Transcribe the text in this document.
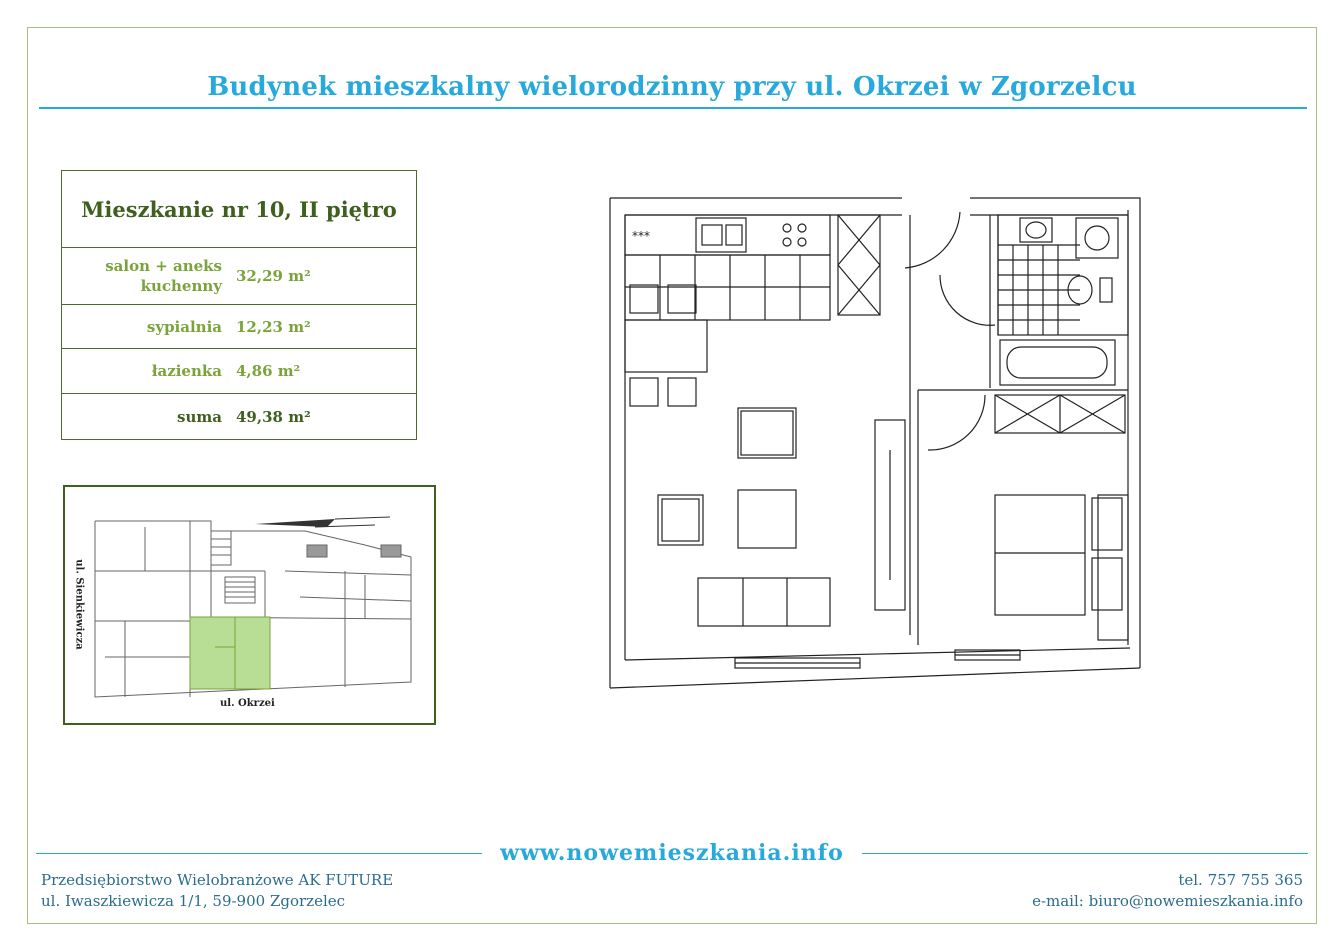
Budynek mieszkalny wielorodzinny przy ul. Okrzei w Zgorzelcu
Mieszkanie nr 10, II piętro	
salon + aneks
kuchenny	32,29 m²
sypialnia	12,23 m²
łazienka	4,86 m²
suma	49,38 m²
ul. Sienkiewicza
ul. Okrzei
***
www.nowemieszkania.info
Przedsiębiorstwo Wielobranżowe AK FUTURE
ul. Iwaszkiewicza 1/1, 59-900 Zgorzelec
tel. 757 755 365
e-mail: biuro@nowemieszkania.info
